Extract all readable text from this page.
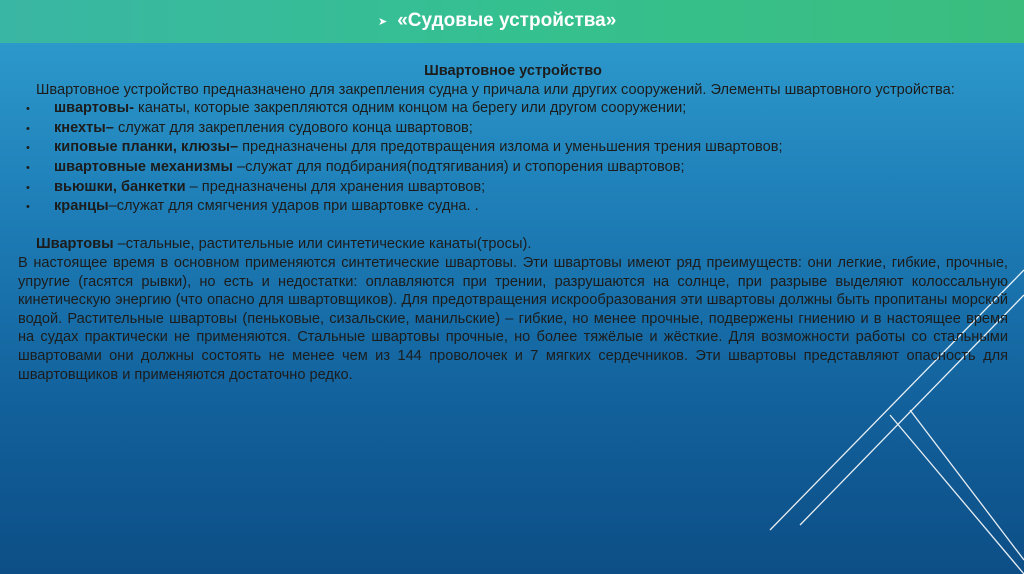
➤ «Судовые устройства»

Швартовное устройство

Швартовное устройство предназначено для закрепления судна у причала или других сооружений. Элементы швартовного устройства:

•	швартовы- канаты, которые закрепляются одним концом на берегу или другом сооружении;
•	кнехты– служат для закрепления судового конца швартовов;
•	киповые планки, клюзы– предназначены для предотвращения излома и уменьшения трения швартовов;
•	швартовные механизмы –служат для подбирания(подтягивания) и стопорения швартовов;
•	вьюшки, банкетки – предназначены для хранения швартовов;
•	кранцы–служат для смягчения ударов при швартовке судна. .

Швартовы –стальные, растительные или синтетические канаты(тросы).

В настоящее время в основном применяются синтетические швартовы. Эти швартовы имеют ряд преимуществ: они легкие, гибкие, прочные, упругие (гасятся рывки), но есть и недостатки: оплавляются при трении, разрушаются на солнце, при разрыве выделяют колоссальную кинетическую энергию (что опасно для швартовщиков). Для предотвращения искрообразования эти швартовы должны быть пропитаны морской водой. Растительные швартовы (пеньковые, сизальские, манильские) – гибкие, но менее прочные, подвержены гниению и в настоящее время на судах практически не применяются. Стальные швартовы прочные, но более тяжёлые и жёсткие. Для возможности работы со стальными швартовами они должны состоять не менее чем из 144 проволочек и 7 мягких сердечников. Эти швартовы представляют опасность для швартовщиков и применяются достаточно редко.
